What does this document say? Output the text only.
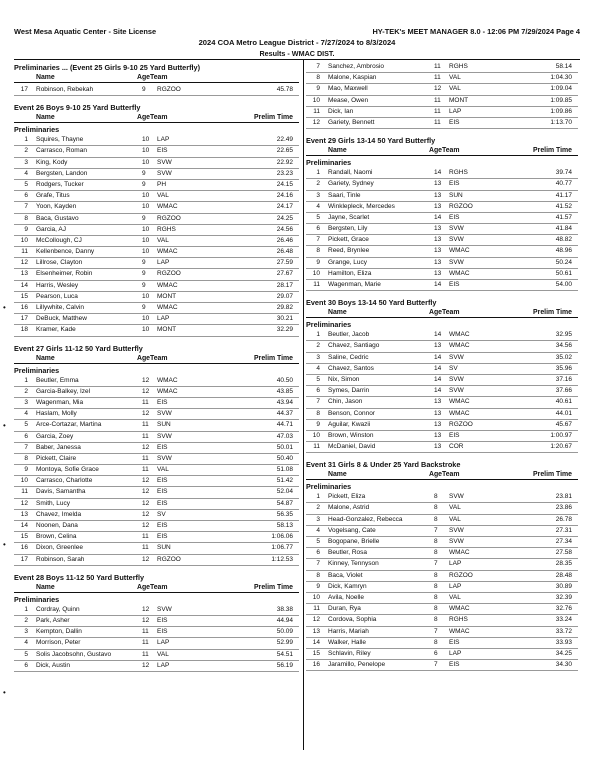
West Mesa Aquatic Center - Site License	HY-TEK's MEET MANAGER 8.0 - 12:06 PM 7/29/2024 Page 4
2024 COA Metro League District - 7/27/2024 to 8/3/2024
Results - WMAC DIST.
Preliminaries ... (Event 25 Girls 9-10 25 Yard Butterfly)
Name	AgeTeam
17 Robinson, Rebekah	9 RGZOO	45.78
Event 26 Boys 9-10 25 Yard Butterfly
Name	AgeTeam	Prelim Time
Preliminaries
1 Squires, Thayne	10 LAP	22.49
2 Carrasco, Roman	10 EIS	22.65
3 King, Kody	10 SVW	22.92
4 Bergsten, Landon	9 SVW	23.23
5 Rodgers, Tucker	9 PH	24.15
6 Grafe, Titus	10 VAL	24.16
7 Yoon, Kayden	10 WMAC	24.17
8 Baca, Gustavo	9 RGZOO	24.25
9 Garcia, AJ	10 RGHS	24.56
10 McCollough, CJ	10 VAL	26.46
11 Kellenbence, Danny	10 WMAC	26.48
12 Lillrose, Clayton	9 LAP	27.59
13 Elsenheimer, Robin	9 RGZOO	27.67
14 Harris, Wesley	9 WMAC	28.17
15 Pearson, Luca	10 MONT	29.07
16 Lillywhite, Calvin	9 WMAC	29.82
17 DeBuck, Matthew	10 LAP	30.21
18 Kramer, Kade	10 MONT	32.29
Event 27 Girls 11-12 50 Yard Butterfly
Name	AgeTeam	Prelim Time
Preliminaries
1 Beutler, Emma	12 WMAC	40.50
2 Garcia-Balkey, Izel	12 WMAC	43.85
3 Wagenman, Mia	11 EIS	43.94
4 Haslam, Molly	12 SVW	44.37
5 Arce-Cortazar, Martina	11 SUN	44.71
6 Garcia, Zoey	11 SVW	47.03
7 Baber, Janessa	12 EIS	50.01
8 Pickett, Claire	11 SVW	50.40
9 Montoya, Sofie Grace	11 VAL	51.08
10 Carrasco, Charlotte	12 EIS	51.42
11 Davis, Samantha	12 EIS	52.04
12 Smith, Lucy	12 EIS	54.87
13 Chavez, Imelda	12 SV	56.35
14 Noonen, Dana	12 EIS	58.13
15 Brown, Celina	11 EIS	1:06.06
16 Dixon, Greenlee	11 SUN	1:06.77
17 Robinson, Sarah	12 RGZOO	1:12.53
Event 28 Boys 11-12 50 Yard Butterfly
Name	AgeTeam	Prelim Time
Preliminaries
1 Cordray, Quinn	12 SVW	38.38
2 Park, Asher	12 EIS	44.94
3 Kempton, Dallin	11 EIS	50.09
4 Morrison, Peter	11 LAP	52.99
5 Solis Jacobsohn, Gustavo	11 VAL	54.51
6 Dick, Austin	12 LAP	56.19
7 Sanchez, Ambrosio	11 RGHS	58.14
8 Malone, Kaspian	11 VAL	1:04.30
9 Mao, Maxwell	12 VAL	1:09.04
10 Mease, Owen	11 MONT	1:09.85
11 Dick, Ian	11 LAP	1:09.86
12 Gariety, Bennett	11 EIS	1:13.70
Event 29 Girls 13-14 50 Yard Butterfly
Name	AgeTeam	Prelim Time
Preliminaries
1 Randall, Naomi	14 RGHS	39.74
2 Gariety, Sydney	13 EIS	40.77
3 Saari, Tinle	13 SUN	41.17
4 Winklepleck, Mercedes	13 RGZOO	41.52
5 Jayne, Scarlet	14 EIS	41.57
6 Bergsten, Lily	13 SVW	41.84
7 Pickett, Grace	13 SVW	48.82
8 Reed, Brynlee	13 WMAC	48.96
9 Grange, Lucy	13 SVW	50.24
10 Hamilton, Eliza	13 WMAC	50.61
11 Wagenman, Marie	14 EIS	54.00
Event 30 Boys 13-14 50 Yard Butterfly
Name	AgeTeam	Prelim Time
Preliminaries
1 Beutler, Jacob	14 WMAC	32.95
2 Chavez, Santiago	13 WMAC	34.56
3 Saline, Cedric	14 SVW	35.02
4 Chavez, Santos	14 SV	35.96
5 Nix, Simon	14 SVW	37.16
6 Symes, Darrin	14 SVW	37.66
7 Chin, Jason	13 WMAC	40.61
8 Benson, Connor	13 WMAC	44.01
9 Aguilar, Kwazii	13 RGZOO	45.67
10 Brown, Winston	13 EIS	1:00.97
11 McDaniel, David	13 COR	1:20.67
Event 31 Girls 8 & Under 25 Yard Backstroke
Name	AgeTeam	Prelim Time
Preliminaries
1 Pickett, Eliza	8 SVW	23.81
2 Malone, Astrid	8 VAL	23.86
3 Head-Gonzalez, Rebecca	8 VAL	26.78
4 Vogelsang, Cate	7 SVW	27.31
5 Bogopane, Brielle	8 SVW	27.34
6 Beutler, Rosa	8 WMAC	27.58
7 Kinney, Tennyson	7 LAP	28.35
8 Baca, Violet	8 RGZOO	28.48
9 Dick, Kamryn	8 LAP	30.89
10 Avila, Noelle	8 VAL	32.39
11 Duran, Rya	8 WMAC	32.76
12 Cordova, Sophia	8 RGHS	33.24
13 Harris, Mariah	7 WMAC	33.72
14 Walker, Halle	8 EIS	33.93
15 Schlavin, Riley	6 LAP	34.25
16 Jaramillo, Penelope	7 EIS	34.30
•
•
•
•
